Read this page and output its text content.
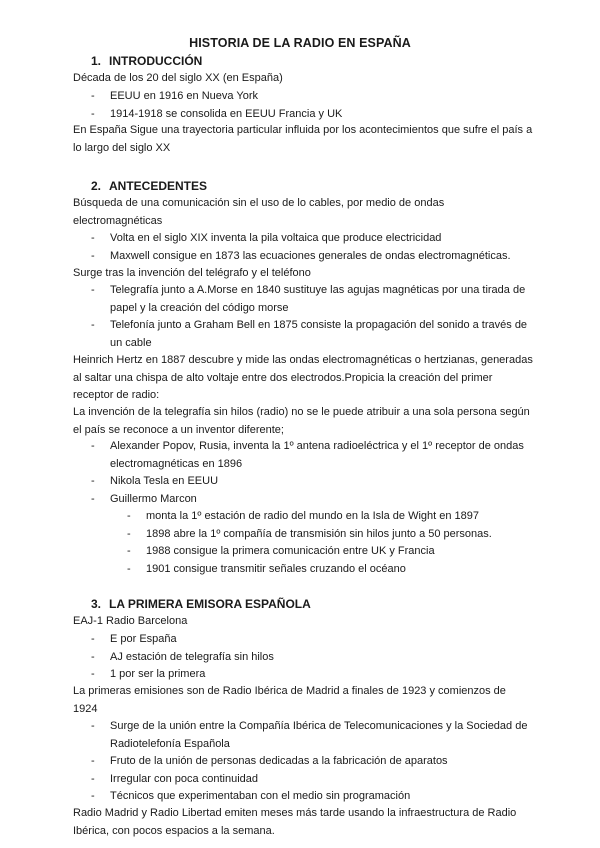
HISTORIA DE LA RADIO EN ESPAÑA
1. INTRODUCCIÓN
Década de los 20 del siglo XX (en España)
- EEUU en 1916 en Nueva York
- 1914-1918 se consolida en EEUU Francia y UK
En España Sigue una trayectoria particular influida por los acontecimientos que sufre el país a lo largo del siglo XX
2. ANTECEDENTES
Búsqueda de una comunicación sin el uso de lo cables, por medio de ondas electromagnéticas
- Volta en el siglo XIX inventa la pila voltaica que produce electricidad
- Maxwell consigue en 1873 las ecuaciones generales de ondas electromagnéticas.
Surge tras la invención del telégrafo y el teléfono
- Telegrafía junto a A.Morse en 1840 sustituye las agujas magnéticas por una tirada de papel y la creación del código morse
- Telefonía junto a Graham Bell en 1875 consiste la propagación del sonido a través de un cable
Heinrich Hertz en 1887 descubre y mide las ondas electromagnéticas o hertzianas, generadas al saltar una chispa de alto voltaje entre dos electrodos.Propicia la creación del primer receptor de radio:
La invención de la telegrafía sin hilos (radio) no se le puede atribuir a una sola persona según el país se reconoce a un inventor diferente;
- Alexander Popov, Rusia, inventa la 1º antena radioeléctrica y el 1º receptor de ondas electromagnéticas en 1896
- Nikola Tesla en EEUU
- Guillermo Marcon
- monta la 1º estación de radio del mundo en la Isla de Wight en 1897
- 1898 abre la 1º compañía de transmisión sin hilos junto a 50 personas.
- 1988 consigue la primera comunicación entre UK y Francia
- 1901 consigue transmitir señales cruzando el océano
3. LA PRIMERA EMISORA ESPAÑOLA
EAJ-1 Radio Barcelona
- E por España
- AJ estación de telegrafía sin hilos
- 1 por ser la primera
La primeras emisiones son de Radio Ibérica de Madrid a finales de 1923 y comienzos de 1924
- Surge de la unión entre la Compañía Ibérica de Telecomunicaciones y la Sociedad de Radiotelefonía Española
- Fruto de la unión de personas dedicadas a la fabricación de aparatos
- Irregular con poca continuidad
- Técnicos que experimentaban con el medio sin programación
Radio Madrid y Radio Libertad emiten meses más tarde usando la infraestructura de Radio Ibérica, con pocos espacios a la semana.
